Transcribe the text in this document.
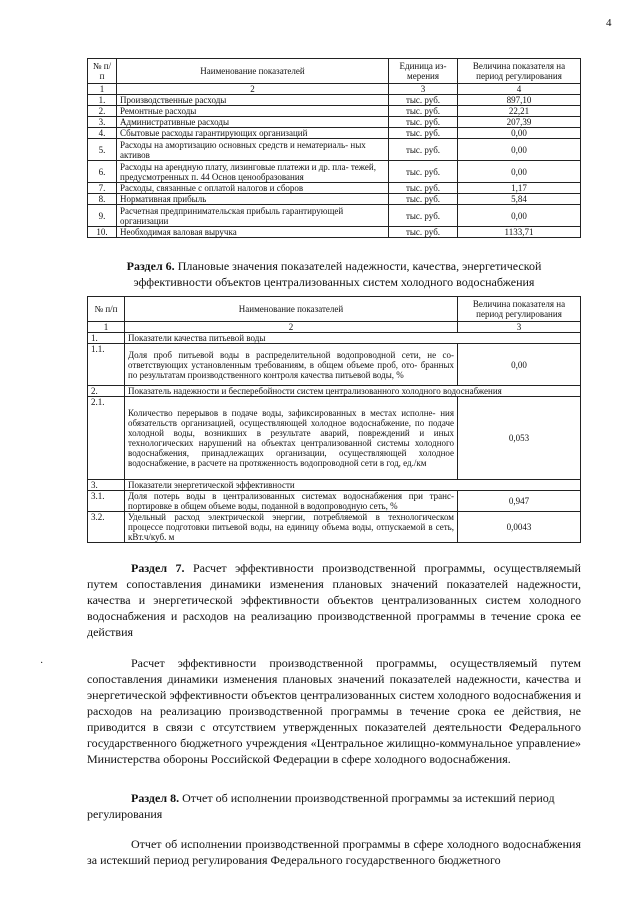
4
№ п/п	Наименование показателей	Единица из- мерения	Величина показателя на период регулирования
1	2	3	4
1.	Производственные расходы	тыс. руб.	897,10
2.	Ремонтные расходы	тыс. руб.	22,21
3.	Административные расходы	тыс. руб.	207,39
4.	Сбытовые расходы гарантирующих организаций	тыс. руб.	0,00
5.	Расходы на амортизацию основных средств и нематериаль- ных активов	тыс. руб.	0,00
6.	Расходы на арендную плату, лизинговые платежи и др. пла- тежей, предусмотренных п. 44 Основ ценообразования	тыс. руб.	0,00
7.	Расходы, связанные с оплатой налогов и сборов	тыс. руб.	1,17
8.	Нормативная прибыль	тыс. руб.	5,84
9.	Расчетная предпринимательская прибыль гарантирующей организации	тыс. руб.	0,00
10.	Необходимая валовая выручка	тыс. руб.	1133,71
Раздел 6. Плановые значения показателей надежности, качества, энергетической эффективности объектов централизованных систем холодного водоснабжения
№ п/п	Наименование показателей	Величина показателя на период регулирования
1	2	3
1.	Показатели качества питьевой воды	
1.1.	Доля проб питьевой воды в распределительной водопроводной сети, не со- ответствующих установленным требованиям, в общем объеме проб, ото- бранных по результатам производственного контроля качества питьевой воды, %	0,00
2.	Показатель надежности и бесперебойности систем централизованного холодного водоснабжения	
2.1.	Количество перерывов в подаче воды, зафиксированных в местах исполне- ния обязательств организацией, осуществляющей холодное водоснабжение, по подаче холодной воды, возникших в результате аварий, повреждений и иных технологических нарушений на объектах централизованной системы холодного водоснабжения, принадлежащих организации, осуществляющей холодное водоснабжение, в расчете на протяженность водопроводной сети в год, ед./км	0,053
3.	Показатели энергетической эффективности	
3.1.	Доля потерь воды в централизованных системах водоснабжения при транс- портировке в общем объеме воды, поданной в водопроводную сеть, %	0,947
3.2.	Удельный расход электрической энергии, потребляемой в технологическом процессе подготовки питьевой воды, на единицу объема воды, отпускаемой в сеть, кВт.ч/куб. м	0,0043
Раздел 7. Расчет эффективности производственной программы, осуществляемый путем сопоставления динамики изменения плановых значений показателей надежности, качества и энергетической эффективности объектов централизованных систем холодного водоснабжения и расходов на реализацию производственной программы в течение срока ее действия
·	Расчет эффективности производственной программы, осуществляемый путем сопоставления динамики изменения плановых значений показателей надежности, качества и энергетической эффективности объектов централизованных систем холодного водоснабжения и расходов на реализацию производственной программы в течение срока ее действия, не приводится в связи с отсутствием утвержденных показателей деятельности Федерального государственного бюджетного учреждения «Центральное жилищно-коммунальное управление» Министерства обороны Российской Федерации в сфере холодного водоснабжения.
Раздел 8. Отчет об исполнении производственной программы за истекший период регулирования
Отчет об исполнении производственной программы в сфере холодного водоснабжения за истекший период регулирования Федерального государственного бюджетного
